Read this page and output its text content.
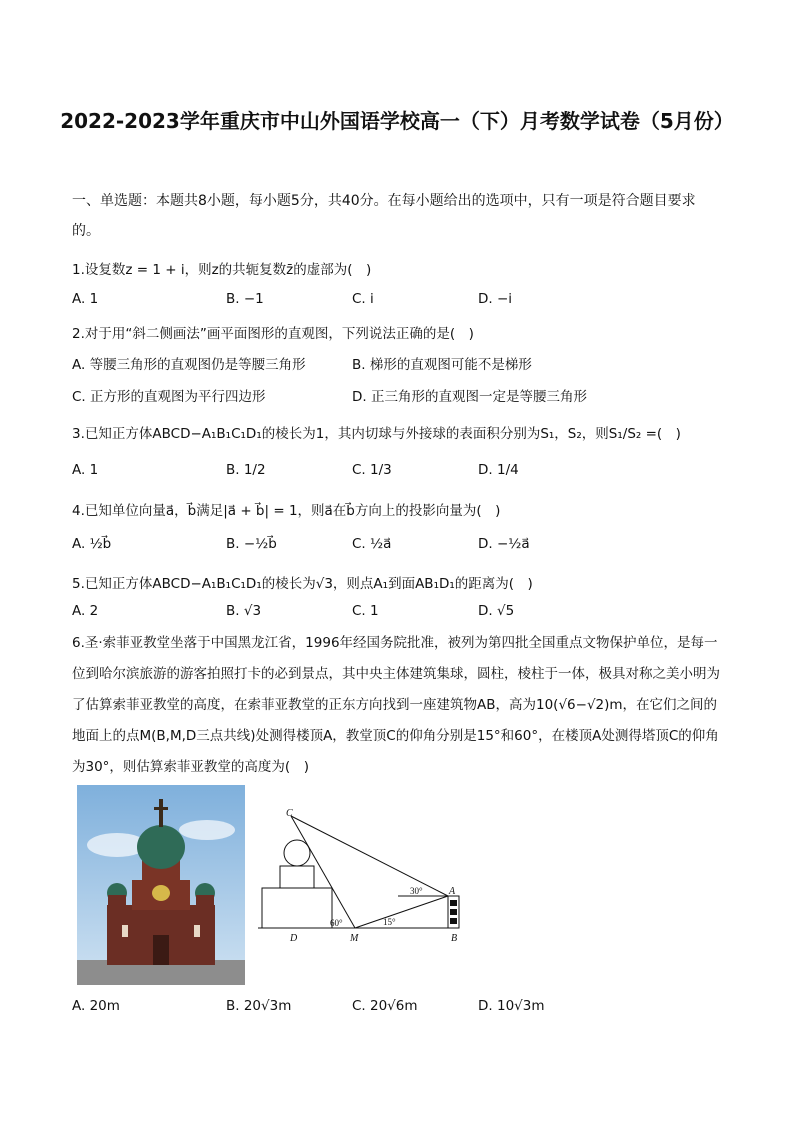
2022-2023学年重庆市中山外国语学校高一（下）月考数学试卷（5月份）
一、单选题：本题共8小题，每小题5分，共40分。在每小题给出的选项中，只有一项是符合题目要求的。
1.设复数z = 1 + i，则z的共轭复数z̄的虚部为(　)
A. 1	B. −1	C. i	D. −i
2.对于用“斜二侧画法”画平面图形的直观图，下列说法正确的是(　)
A. 等腰三角形的直观图仍是等腰三角形	B. 梯形的直观图可能不是梯形
C. 正方形的直观图为平行四边形	D. 正三角形的直观图一定是等腰三角形
3.已知正方体ABCD−A₁B₁C₁D₁的棱长为1，其内切球与外接球的表面积分别为S₁，S₂，则S₁/S₂ =(　)
A. 1	B. 1/2	C. 1/3	D. 1/4
4.已知单位向量a⃗，b⃗满足|a⃗ + b⃗| = 1，则a⃗在b⃗方向上的投影向量为(　)
A. ½b⃗	B. −½b⃗	C. ½a⃗	D. −½a⃗
5.已知正方体ABCD−A₁B₁C₁D₁的棱长为√3，则点A₁到面AB₁D₁的距离为(　)
A. 2	B. √3	C. 1	D. √5
6.圣·索菲亚教堂坐落于中国黑龙江省，1996年经国务院批准，被列为第四批全国重点文物保护单位，是每一位到哈尔滨旅游的游客拍照打卡的必到景点，其中央主体建筑集球，圆柱，棱柱于一体，极具对称之美小明为了估算索菲亚教堂的高度，在索菲亚教堂的正东方向找到一座建筑物AB，高为10(√6−√2)m，在它们之间的地面上的点M(B,M,D三点共线)处测得楼顶A，教堂顶C的仰角分别是15°和60°，在楼顶A处测得塔顶C的仰角为30°，则估算索菲亚教堂的高度为(　)
C
A
B
D	M
30°
60°	15°
A. 20m	B. 20√3m	C. 20√6m	D. 10√3m
